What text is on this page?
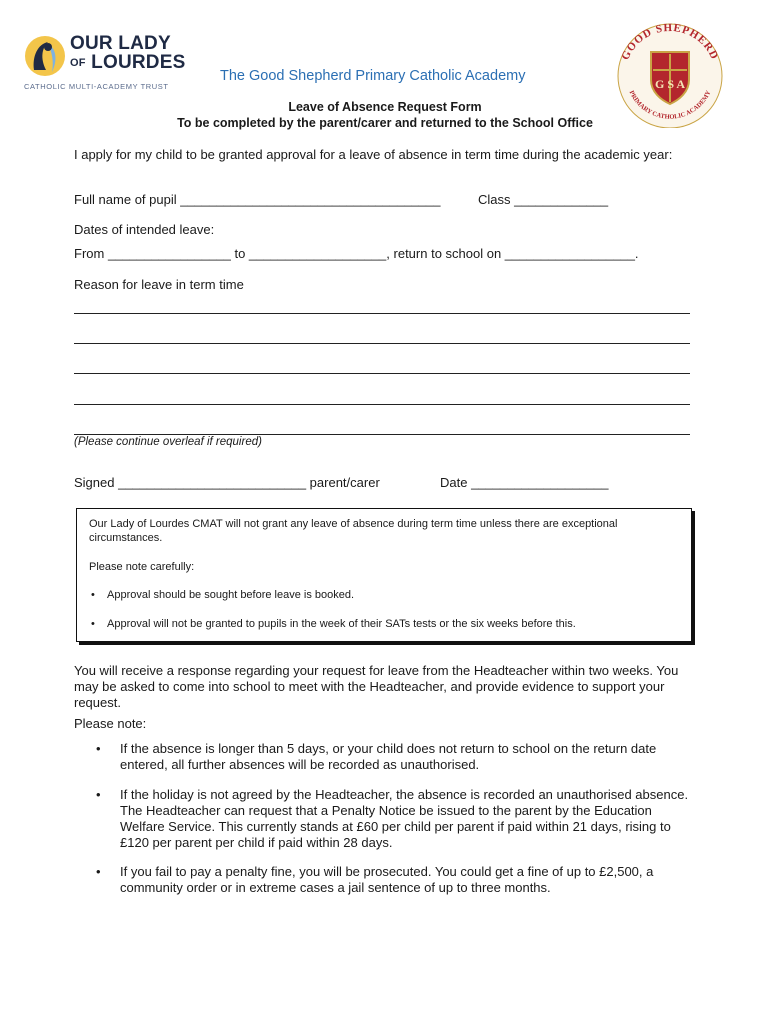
OUR LADY
OF LOURDES
CATHOLIC MULTI-ACADEMY TRUST
The Good Shepherd Primary Catholic Academy
GOOD SHEPHERD
PRIMARY CATHOLIC ACADEMY
G S A
Leave of Absence Request Form
To be completed by the parent/carer and returned to the School Office
I apply for my child to be granted approval for a leave of absence in term time during the academic year:
Full name of pupil ____________________________________	Class _____________
Dates of intended leave:
From _________________ to ___________________, return to school on __________________.
Reason for leave in term time
(Please continue overleaf if required)
Signed __________________________ parent/carer	Date ___________________
Our Lady of Lourdes CMAT will not grant any leave of absence during term time unless there are exceptional circumstances.
Please note carefully:
• Approval should be sought before leave is booked.
• Approval will not be granted to pupils in the week of their SATs tests or the six weeks before this.
You will receive a response regarding your request for leave from the Headteacher within two weeks. You may be asked to come into school to meet with the Headteacher, and provide evidence to support your request.
Please note:
• If the absence is longer than 5 days, or your child does not return to school on the return date entered, all further absences will be recorded as unauthorised.
• If the holiday is not agreed by the Headteacher, the absence is recorded an unauthorised absence. The Headteacher can request that a Penalty Notice be issued to the parent by the Education Welfare Service. This currently stands at £60 per child per parent if paid within 21 days, rising to £120 per parent per child if paid within 28 days.
• If you fail to pay a penalty fine, you will be prosecuted. You could get a fine of up to £2,500, a community order or in extreme cases a jail sentence of up to three months.
